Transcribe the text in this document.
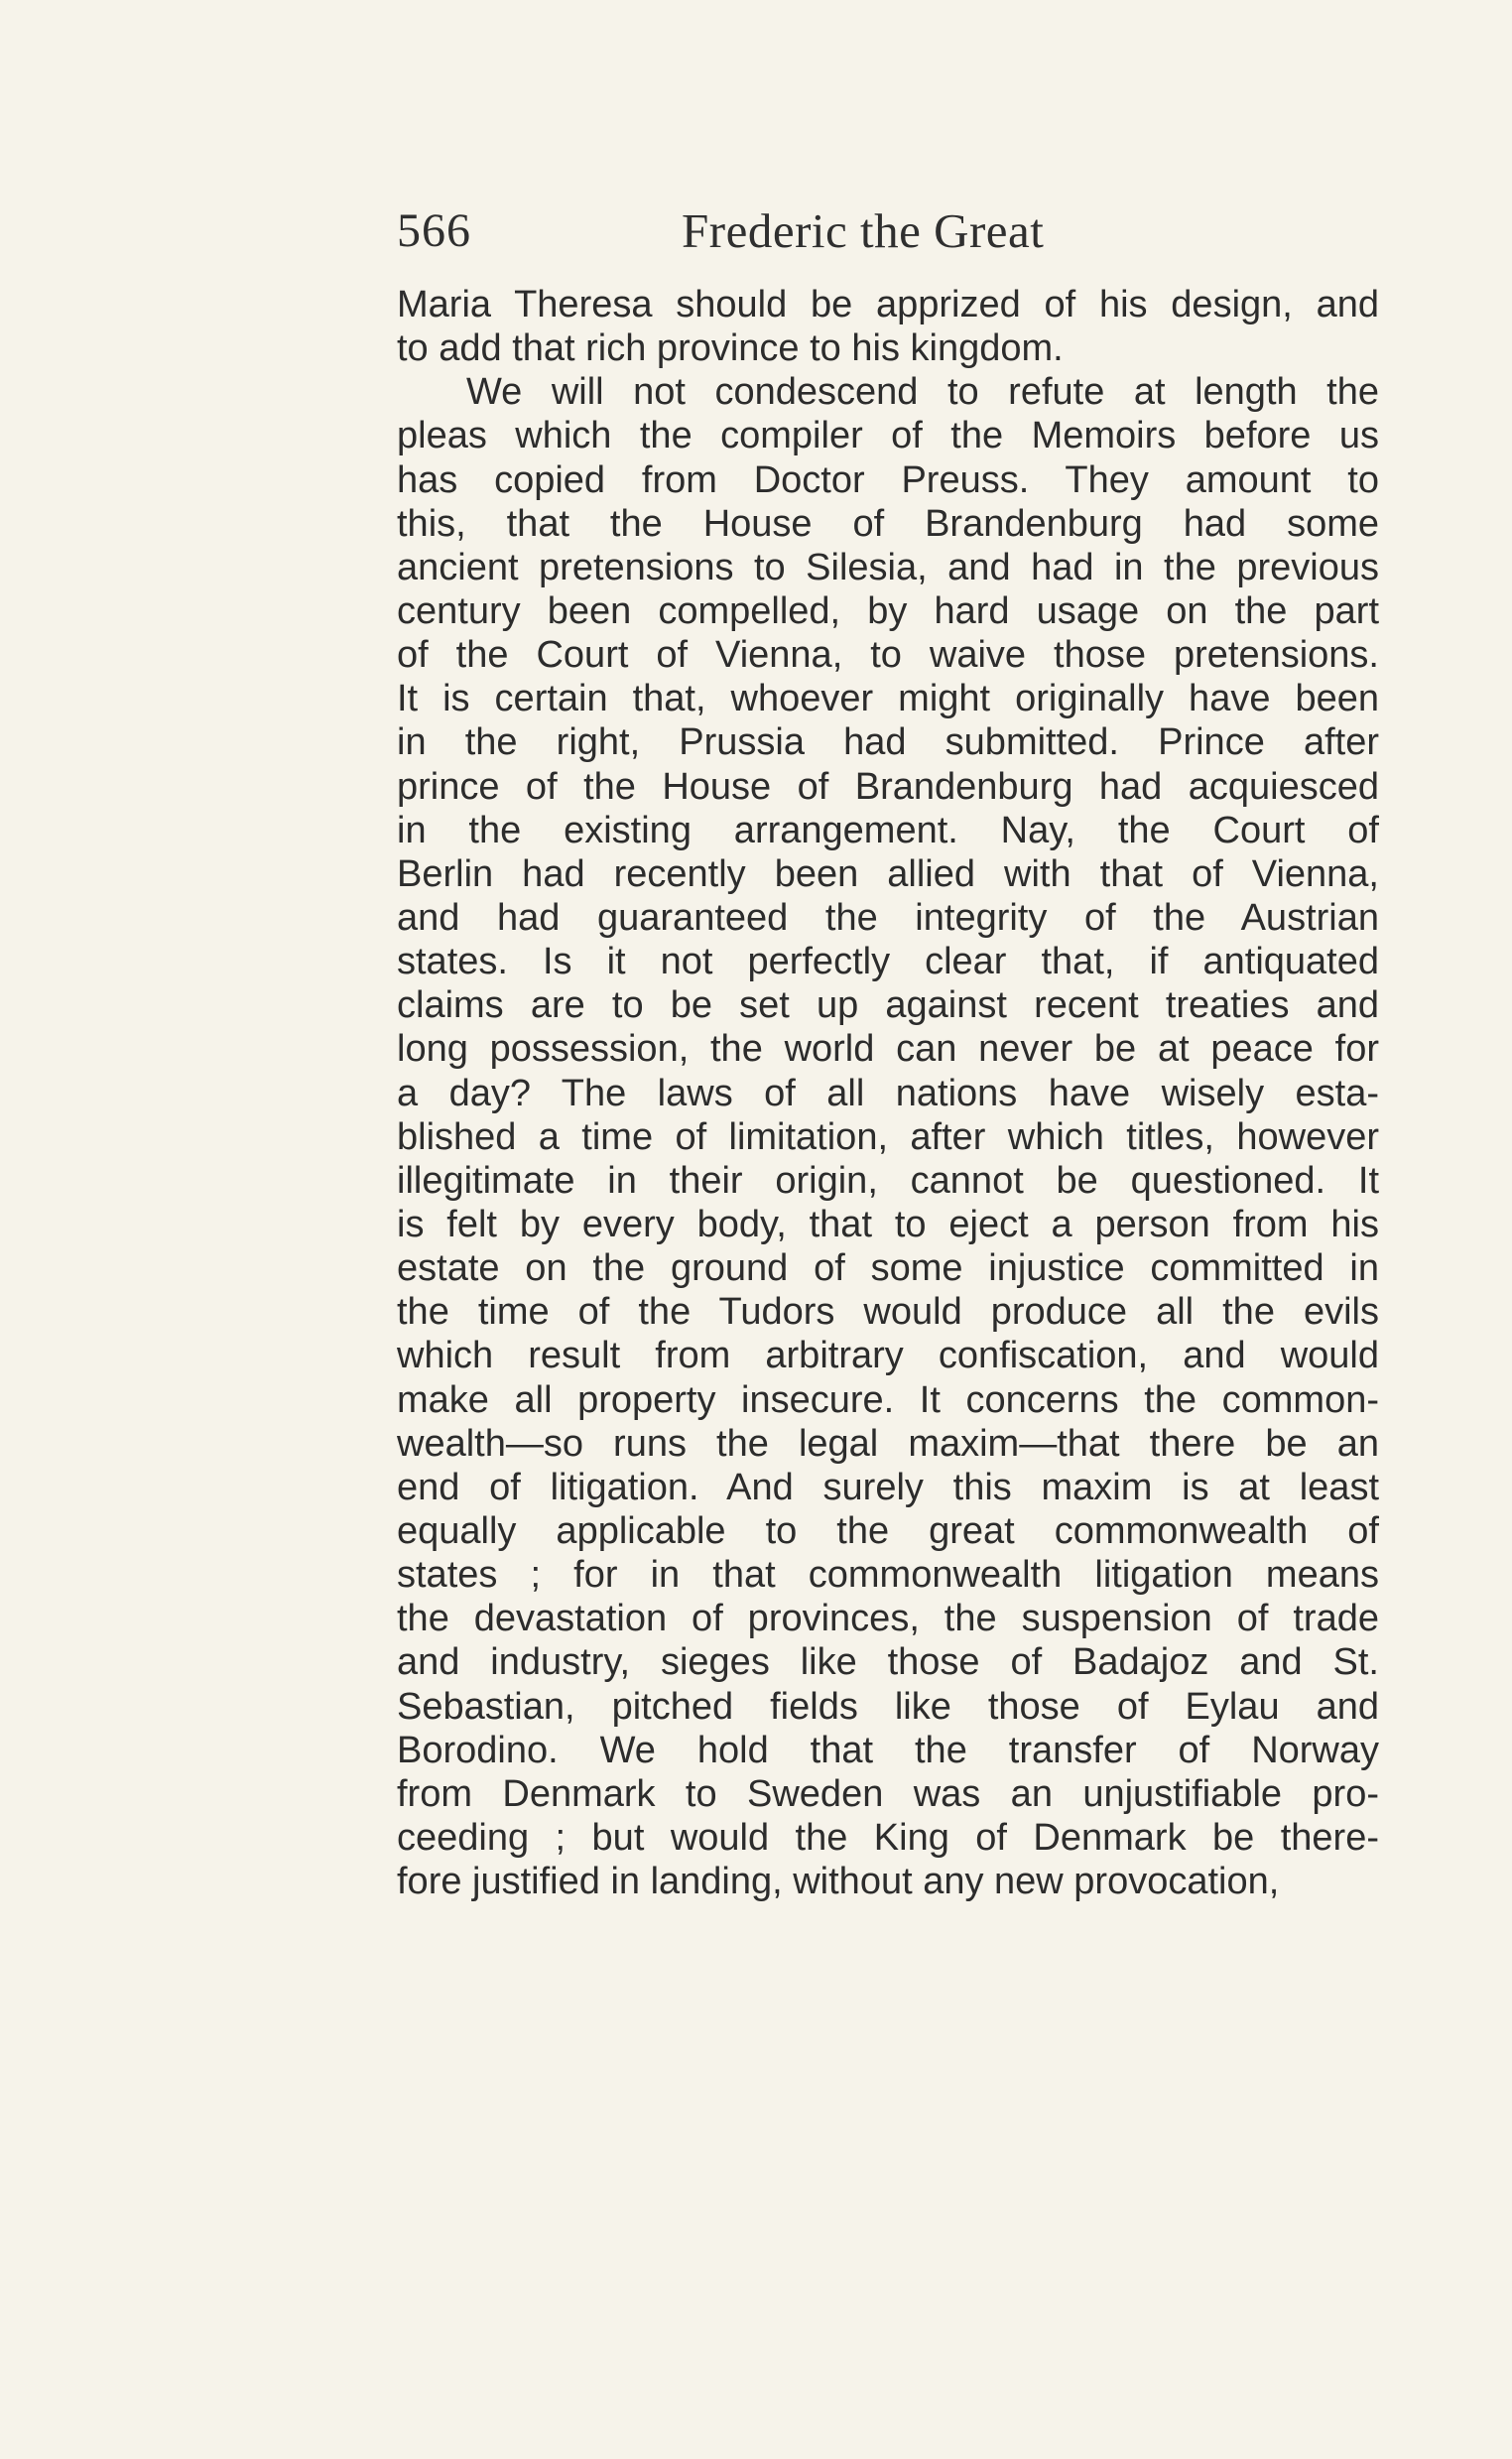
566	Frederic the Great
Maria Theresa should be apprized of his design, and
to add that rich province to his kingdom.
We will not condescend to refute at length the
pleas which the compiler of the Memoirs before us
has copied from Doctor Preuss. They amount to
this, that the House of Brandenburg had some
ancient pretensions to Silesia, and had in the previous
century been compelled, by hard usage on the part
of the Court of Vienna, to waive those pretensions.
It is certain that, whoever might originally have been
in the right, Prussia had submitted. Prince after
prince of the House of Brandenburg had acquiesced
in the existing arrangement. Nay, the Court of
Berlin had recently been allied with that of Vienna,
and had guaranteed the integrity of the Austrian
states. Is it not perfectly clear that, if antiquated
claims are to be set up against recent treaties and
long possession, the world can never be at peace for
a day? The laws of all nations have wisely esta-
blished a time of limitation, after which titles, however
illegitimate in their origin, cannot be questioned. It
is felt by every body, that to eject a person from his
estate on the ground of some injustice committed in
the time of the Tudors would produce all the evils
which result from arbitrary confiscation, and would
make all property insecure. It concerns the common-
wealth—so runs the legal maxim—that there be an
end of litigation. And surely this maxim is at least
equally applicable to the great commonwealth of
states ; for in that commonwealth litigation means
the devastation of provinces, the suspension of trade
and industry, sieges like those of Badajoz and St.
Sebastian, pitched fields like those of Eylau and
Borodino. We hold that the transfer of Norway
from Denmark to Sweden was an unjustifiable pro-
ceeding ; but would the King of Denmark be there-
fore justified in landing, without any new provocation,
